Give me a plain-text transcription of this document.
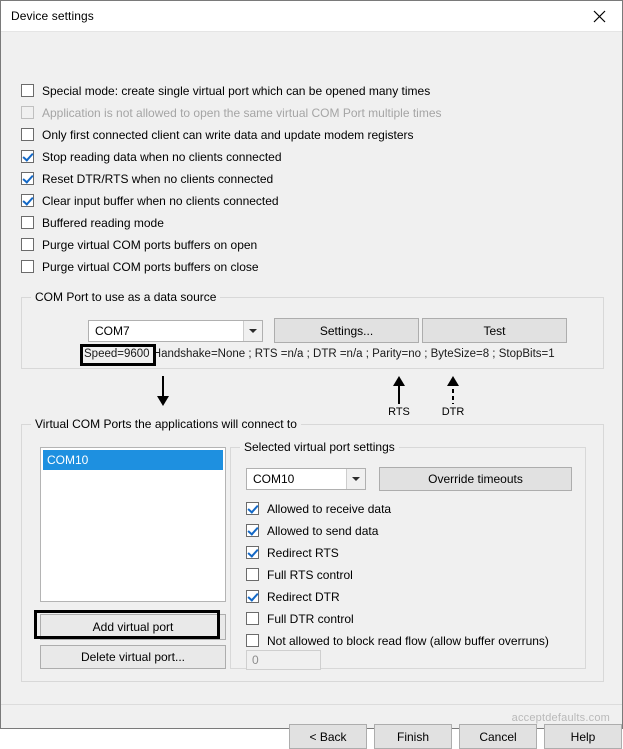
Device settings
Special mode: create single virtual port which can be opened many times
Application is not allowed to open the same virtual COM Port multiple times
Only first connected client can write data and update modem registers
Stop reading data when no clients connected
Reset DTR/RTS when no clients connected
Clear input buffer when no clients connected
Buffered reading mode
Purge virtual COM ports buffers on open
Purge virtual COM ports buffers on close
COM Port to use as a data source
COM7	Settings...	Test
Speed=9600 Handshake=None ; RTS =n/a ; DTR =n/a ; Parity=no ; ByteSize=8 ; StopBits=1
RTS	DTR
Virtual COM Ports the applications will connect to
COM10
Add virtual port
Delete virtual port...
Selected virtual port settings
COM10	Override timeouts
Allowed to receive data
Allowed to send data
Redirect RTS
Full RTS control
Redirect DTR
Full DTR control
Not allowed to block read flow (allow buffer overruns)
0
< Back	Finish	Cancel	Help
acceptdefaults.com
